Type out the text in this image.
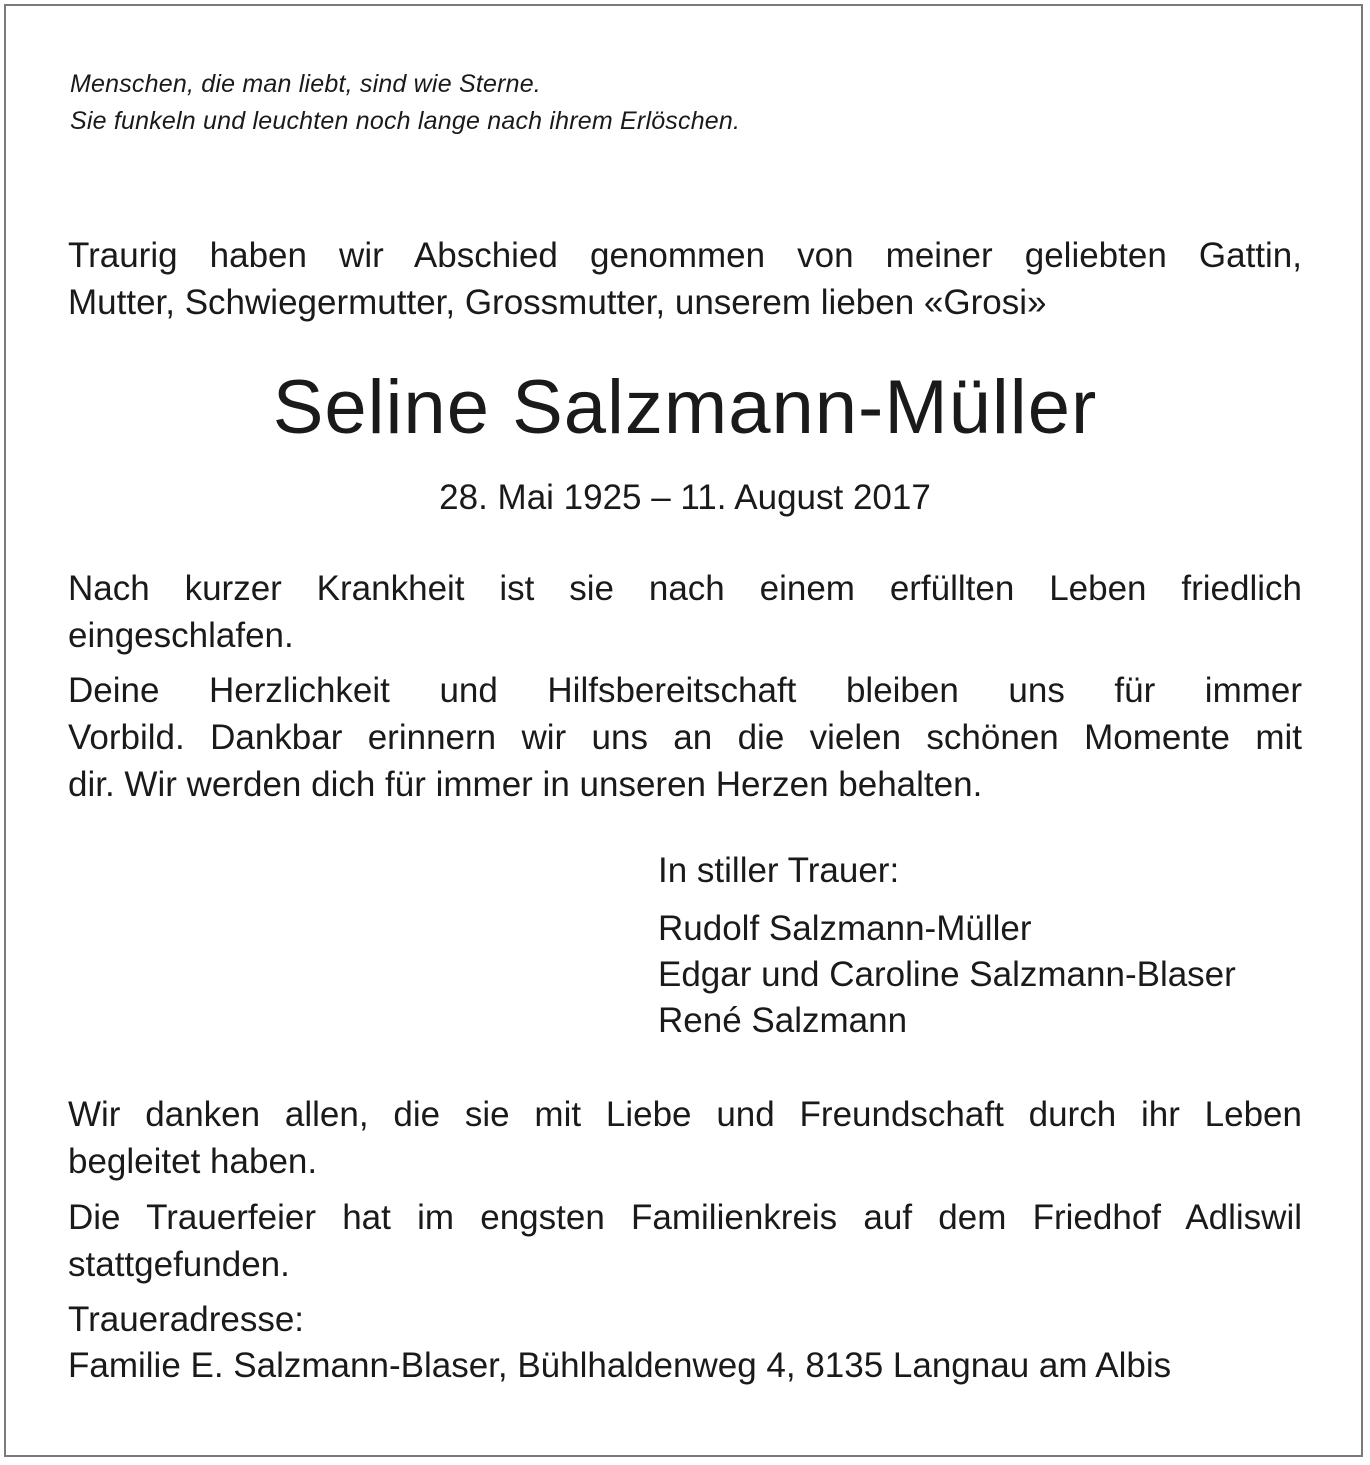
Menschen, die man liebt, sind wie Sterne.
Sie funkeln und leuchten noch lange nach ihrem Erlöschen.
Traurig haben wir Abschied genommen von meiner geliebten Gattin,
Mutter, Schwiegermutter, Grossmutter, unserem lieben «Grosi»
Seline Salzmann-Müller
28. Mai 1925 – 11. August 2017
Nach kurzer Krankheit ist sie nach einem erfüllten Leben friedlich
eingeschlafen.
Deine Herzlichkeit und Hilfsbereitschaft bleiben uns für immer
Vorbild. Dankbar erinnern wir uns an die vielen schönen Momente mit
dir. Wir werden dich für immer in unseren Herzen behalten.
In stiller Trauer:
Rudolf Salzmann-Müller
Edgar und Caroline Salzmann-Blaser
René Salzmann
Wir danken allen, die sie mit Liebe und Freundschaft durch ihr Leben
begleitet haben.
Die Trauerfeier hat im engsten Familienkreis auf dem Friedhof Adliswil
stattgefunden.
Traueradresse:
Familie E. Salzmann-Blaser, Bühlhaldenweg 4, 8135 Langnau am Albis
